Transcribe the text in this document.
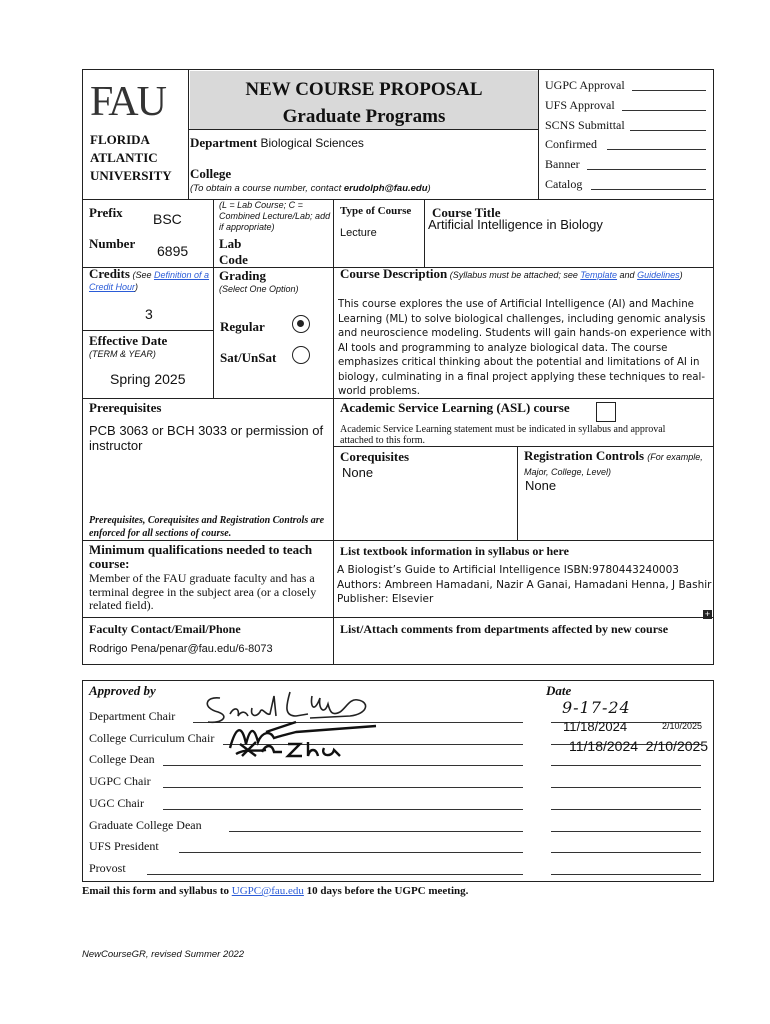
FAU
FLORIDA
ATLANTIC
UNIVERSITY
NEW COURSE PROPOSAL
Graduate Programs
Department Biological Sciences
College
(To obtain a course number, contact erudolph@fau.edu)
UGPC Approval
UFS Approval
SCNS Submittal
Confirmed
Banner
Catalog
Prefix BSC
Number 6895
(L = Lab Course; C = Combined Lecture/Lab; add if appropriate)
Lab Code
Type of Course
Lecture
Course Title
Artificial Intelligence in Biology
Credits (See Definition of a Credit Hour)
3
Grading
(Select One Option)
Regular
Sat/UnSat
Effective Date
(TERM & YEAR)
Spring 2025
Course Description (Syllabus must be attached; see Template and Guidelines)
This course explores the use of Artificial Intelligence (AI) and Machine Learning (ML) to solve biological challenges, including genomic analysis and neuroscience modeling. Students will gain hands-on experience with AI tools and programming to analyze biological data. The course emphasizes critical thinking about the potential and limitations of AI in biology, culminating in a final project applying these techniques to real-world problems.
Prerequisites
PCB 3063 or BCH 3033 or permission of instructor
Prerequisites, Corequisites and Registration Controls are enforced for all sections of course.
Academic Service Learning (ASL) course
Academic Service Learning statement must be indicated in syllabus and approval attached to this form.
Corequisites
None
Registration Controls (For example, Major, College, Level)
None
Minimum qualifications needed to teach course:
Member of the FAU graduate faculty and has a terminal degree in the subject area (or a closely related field).
List textbook information in syllabus or here
A Biologist’s Guide to Artificial Intelligence ISBN:9780443240003 Authors: Ambreen Hamadani, Nazir A Ganai, Hamadani Henna, J Bashir Publisher: Elsevier
+
Faculty Contact/Email/Phone
Rodrigo Pena/penar@fau.edu/6-8073
List/Attach comments from departments affected by new course
Approved by	Date
Department Chair
College Curriculum Chair
College Dean
UGPC Chair
UGC Chair
Graduate College Dean
UFS President
Provost
9-17-24
11/18/2024	2/10/2025
11/18/2024  2/10/2025
Email this form and syllabus to UGPC@fau.edu 10 days before the UGPC meeting.
NewCourseGR, revised Summer 2022
